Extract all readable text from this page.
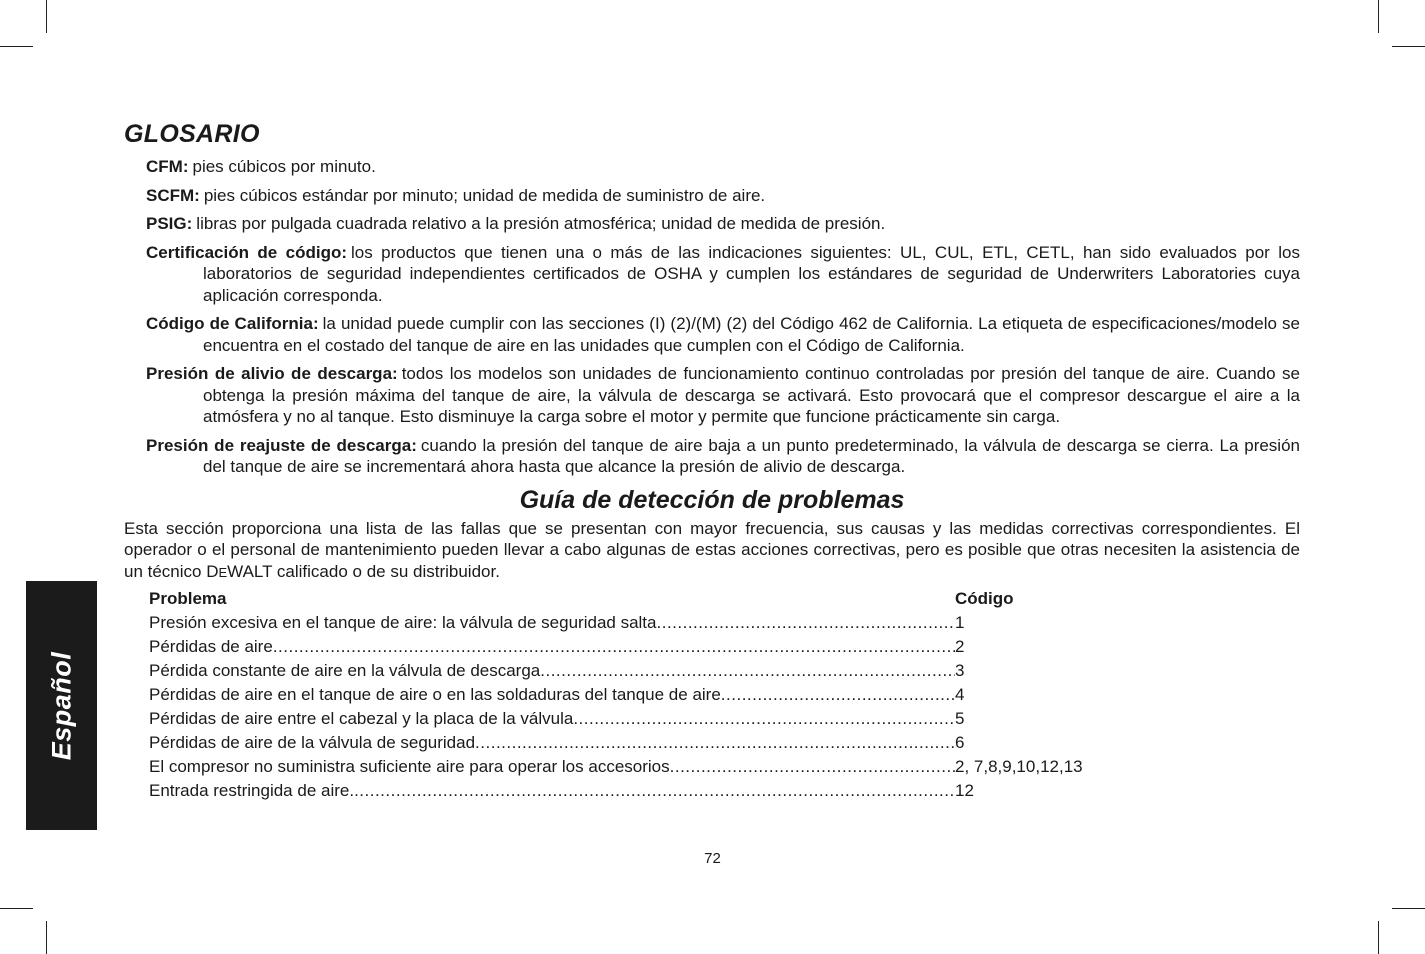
Español
GLOSARIO
CFM: pies cúbicos por minuto.
SCFM: pies cúbicos estándar por minuto; unidad de medida de suministro de aire.
PSIG: libras por pulgada cuadrada relativo a la presión atmosférica; unidad de medida de presión.
Certificación de código: los productos que tienen una o más de las indicaciones siguientes: UL, CUL, ETL, CETL, han sido evaluados por los laboratorios de seguridad independientes certificados de OSHA y cumplen los estándares de seguridad de Underwriters Laboratories cuya aplicación corresponda.
Código de California: la unidad puede cumplir con las secciones (I) (2)/(M) (2) del Código 462 de California. La etiqueta de especificaciones/modelo se encuentra en el costado del tanque de aire en las unidades que cumplen con el Código de California.
Presión de alivio de descarga: todos los modelos son unidades de funcionamiento continuo controladas por presión del tanque de aire. Cuando se obtenga la presión máxima del tanque de aire, la válvula de descarga se activará. Esto provocará que el compresor descargue el aire a la atmósfera y no al tanque. Esto disminuye la carga sobre el motor y permite que funcione prácticamente sin carga.
Presión de reajuste de descarga: cuando la presión del tanque de aire baja a un punto predeterminado, la válvula de descarga se cierra. La presión del tanque de aire se incrementará ahora hasta que alcance la presión de alivio de descarga.
Guía de detección de problemas

Esta sección proporciona una lista de las fallas que se presentan con mayor frecuencia, sus causas y las medidas correctivas correspondientes. El operador o el personal de mantenimiento pueden llevar a cabo algunas de estas acciones correctivas, pero es posible que otras necesiten la asistencia de un técnico DEWALT calificado o de su distribuidor.

Problema	Código
Presión excesiva en el tanque de aire: la válvula de seguridad salta .....	1
Pérdidas de aire .....	2
Pérdida constante de aire en la válvula de descarga .....	3
Pérdidas de aire en el tanque de aire o en las soldaduras del tanque de aire .....	4
Pérdidas de aire entre el cabezal y la placa de la válvula .....	5
Pérdidas de aire de la válvula de seguridad .....	6
El compresor no suministra suficiente aire para operar los accesorios .....	2, 7,8,9,10,12,13
Entrada restringida de aire. .....	12
72
